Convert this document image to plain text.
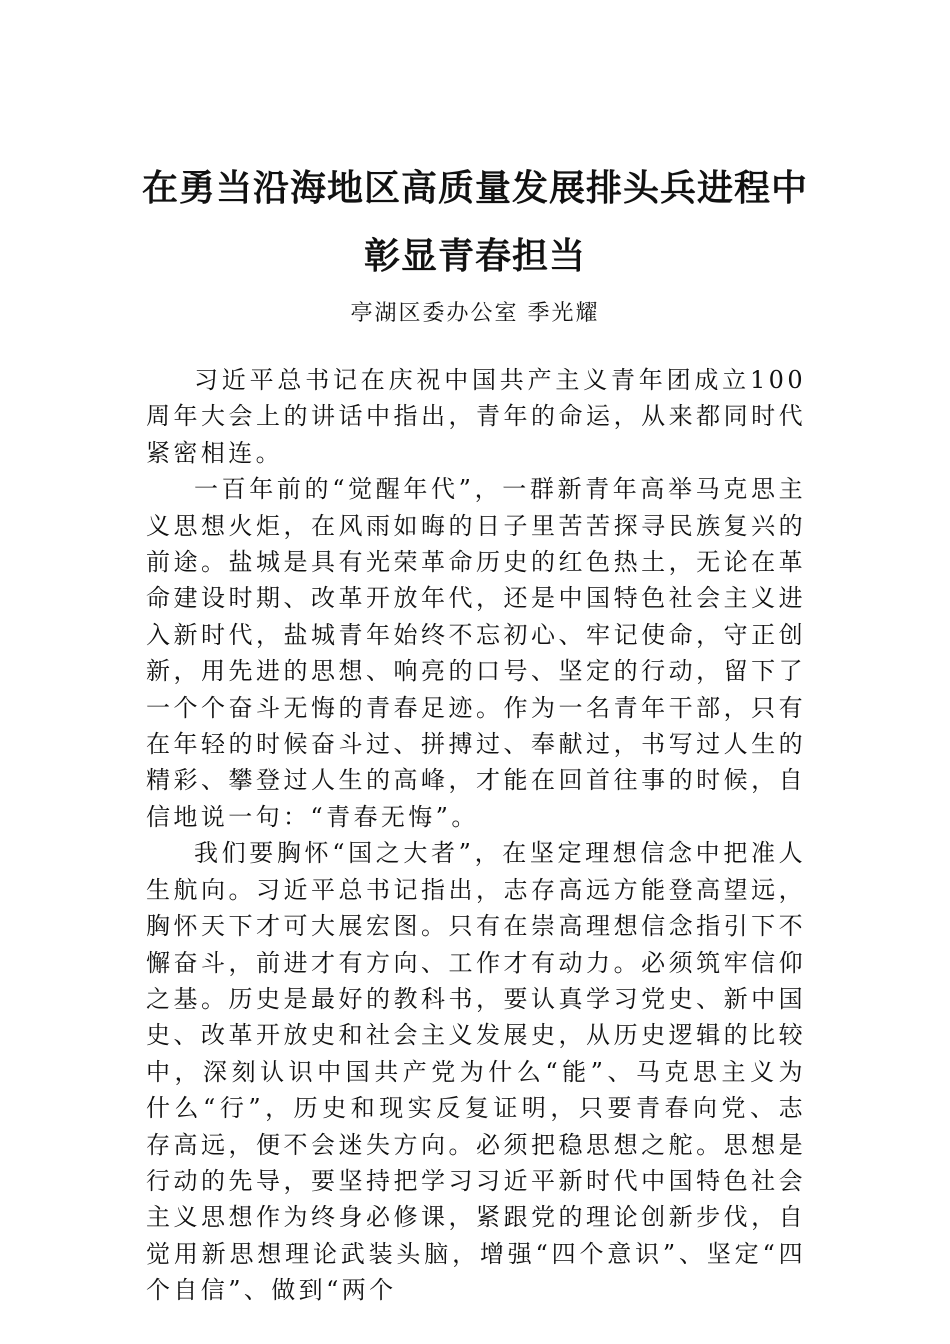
在勇当沿海地区高质量发展排头兵进程中
彰显青春担当
亭湖区委办公室 季光耀

习近平总书记在庆祝中国共产主义青年团成立100周年大会上的讲话中指出，青年的命运，从来都同时代紧密相连。

一百年前的“觉醒年代”，一群新青年高举马克思主义思想火炬，在风雨如晦的日子里苦苦探寻民族复兴的前途。盐城是具有光荣革命历史的红色热土，无论在革命建设时期、改革开放年代，还是中国特色社会主义进入新时代，盐城青年始终不忘初心、牢记使命，守正创新，用先进的思想、响亮的口号、坚定的行动，留下了一个个奋斗无悔的青春足迹。作为一名青年干部，只有在年轻的时候奋斗过、拼搏过、奉献过，书写过人生的精彩、攀登过人生的高峰，才能在回首往事的时候，自信地说一句：“青春无悔”。

我们要胸怀“国之大者”，在坚定理想信念中把准人生航向。习近平总书记指出，志存高远方能登高望远，胸怀天下才可大展宏图。只有在崇高理想信念指引下不懈奋斗，前进才有方向、工作才有动力。必须筑牢信仰之基。历史是最好的教科书，要认真学习党史、新中国史、改革开放史和社会主义发展史，从历史逻辑的比较中，深刻认识中国共产党为什么“能”、马克思主义为什么“行”，历史和现实反复证明，只要青春向党、志存高远，便不会迷失方向。必须把稳思想之舵。思想是行动的先导，要坚持把学习习近平新时代中国特色社会主义思想作为终身必修课，紧跟党的理论创新步伐，自觉用新思想理论武装头脑，增强“四个意识”、坚定“四个自信”、做到“两个
